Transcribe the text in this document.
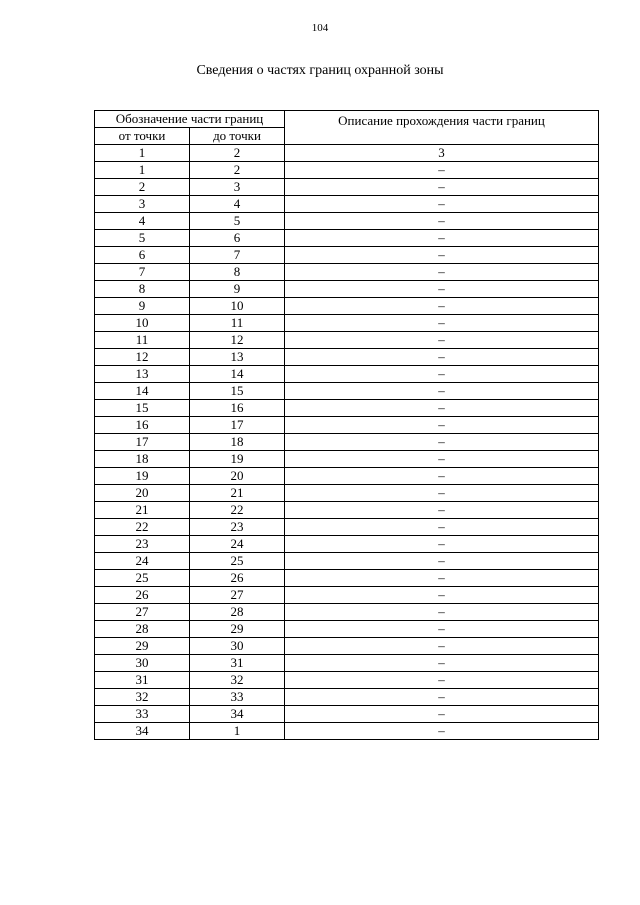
104
Сведения о частях границ охранной зоны
Обозначение части границ		Описание прохождения части границ
от точки	до точки	
1	2	3
1	2	–
2	3	–
3	4	–
4	5	–
5	6	–
6	7	–
7	8	–
8	9	–
9	10	–
10	11	–
11	12	–
12	13	–
13	14	–
14	15	–
15	16	–
16	17	–
17	18	–
18	19	–
19	20	–
20	21	–
21	22	–
22	23	–
23	24	–
24	25	–
25	26	–
26	27	–
27	28	–
28	29	–
29	30	–
30	31	–
31	32	–
32	33	–
33	34	–
34	1	–
